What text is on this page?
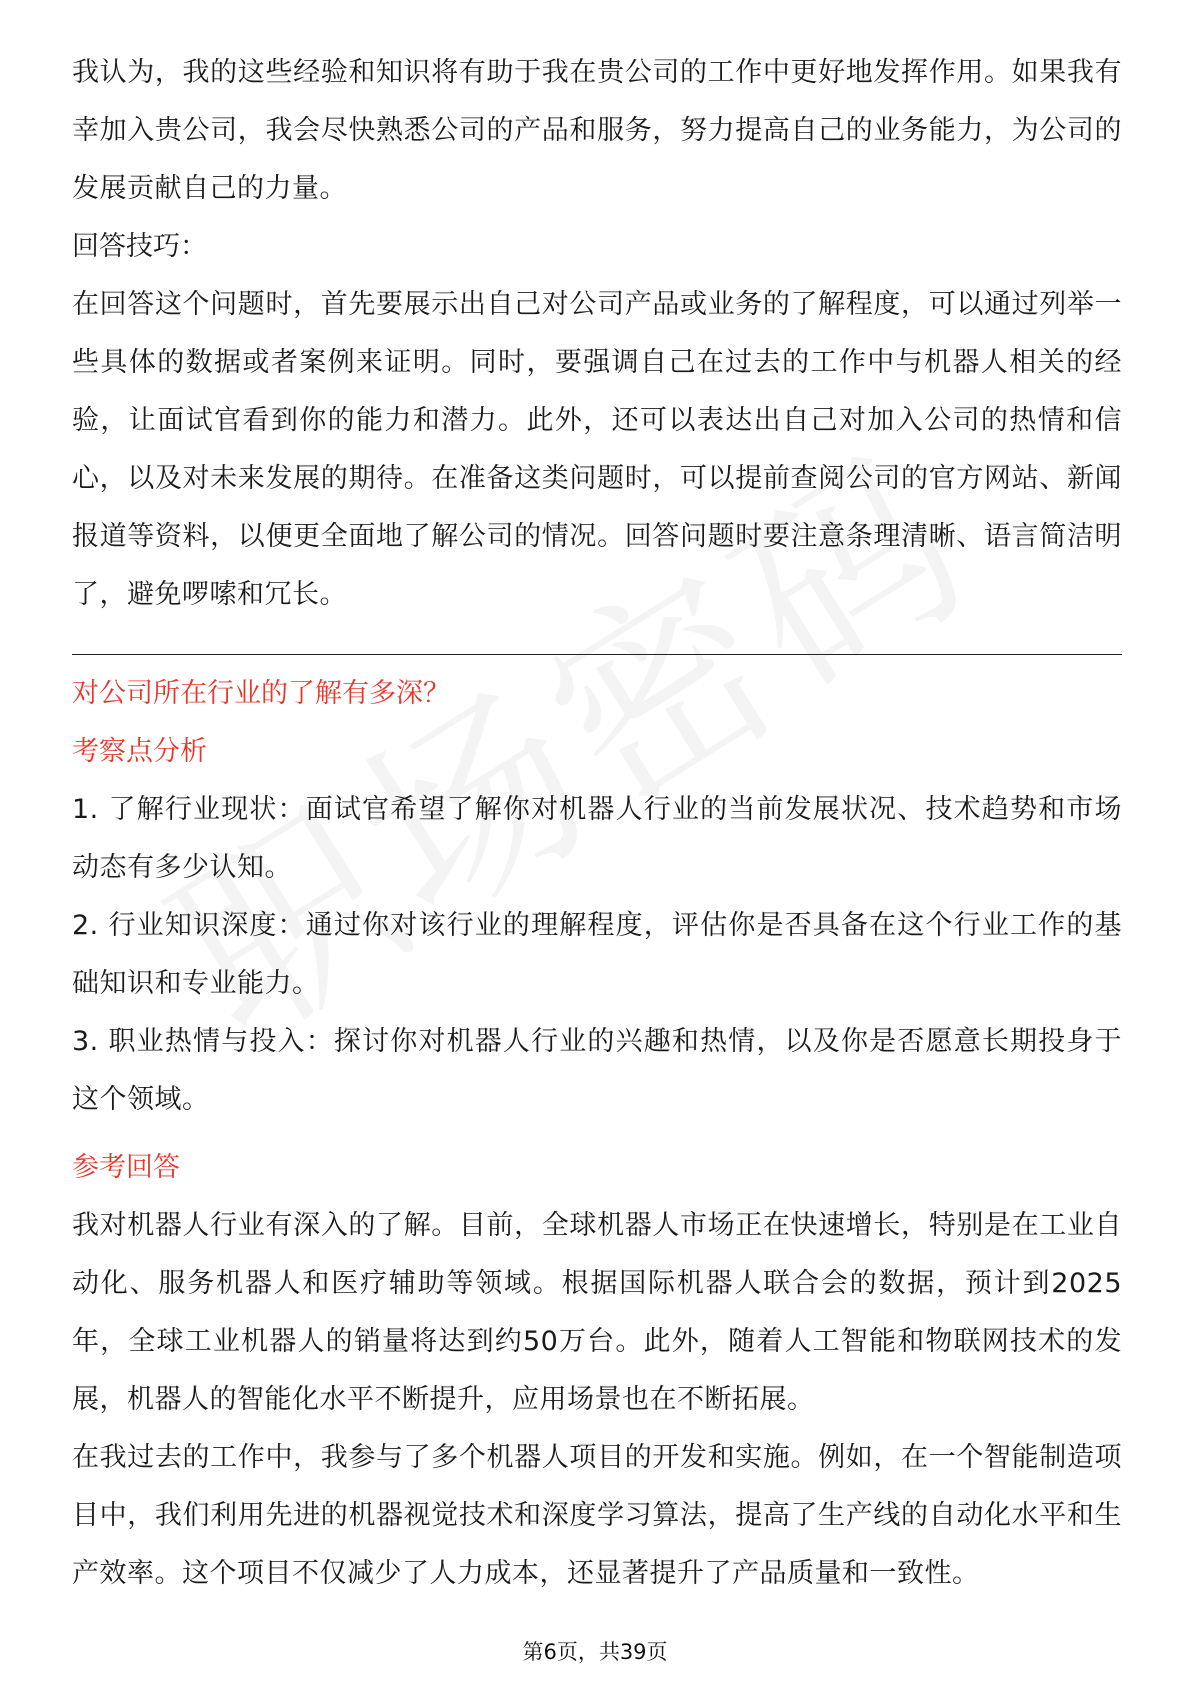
我认为，我的这些经验和知识将有助于我在贵公司的工作中更好地发挥作用。如果我有幸加入贵公司，我会尽快熟悉公司的产品和服务，努力提高自己的业务能力，为公司的发展贡献自己的力量。

回答技巧：

在回答这个问题时，首先要展示出自己对公司产品或业务的了解程度，可以通过列举一些具体的数据或者案例来证明。同时，要强调自己在过去的工作中与机器人相关的经验，让面试官看到你的能力和潜力。此外，还可以表达出自己对加入公司的热情和信心，以及对未来发展的期待。在准备这类问题时，可以提前查阅公司的官方网站、新闻报道等资料，以便更全面地了解公司的情况。回答问题时要注意条理清晰、语言简洁明了，避免啰嗦和冗长。

对公司所在行业的了解有多深？

考察点分析

1. 了解行业现状：面试官希望了解你对机器人行业的当前发展状况、技术趋势和市场动态有多少认知。

2. 行业知识深度：通过你对该行业的理解程度，评估你是否具备在这个行业工作的基础知识和专业能力。

3. 职业热情与投入：探讨你对机器人行业的兴趣和热情，以及你是否愿意长期投身于这个领域。

参考回答

我对机器人行业有深入的了解。目前，全球机器人市场正在快速增长，特别是在工业自动化、服务机器人和医疗辅助等领域。根据国际机器人联合会的数据，预计到2025年，全球工业机器人的销量将达到约50万台。此外，随着人工智能和物联网技术的发展，机器人的智能化水平不断提升，应用场景也在不断拓展。

在我过去的工作中，我参与了多个机器人项目的开发和实施。例如，在一个智能制造项目中，我们利用先进的机器视觉技术和深度学习算法，提高了生产线的自动化水平和生产效率。这个项目不仅减少了人力成本，还显著提升了产品质量和一致性。

第6页，共39页
